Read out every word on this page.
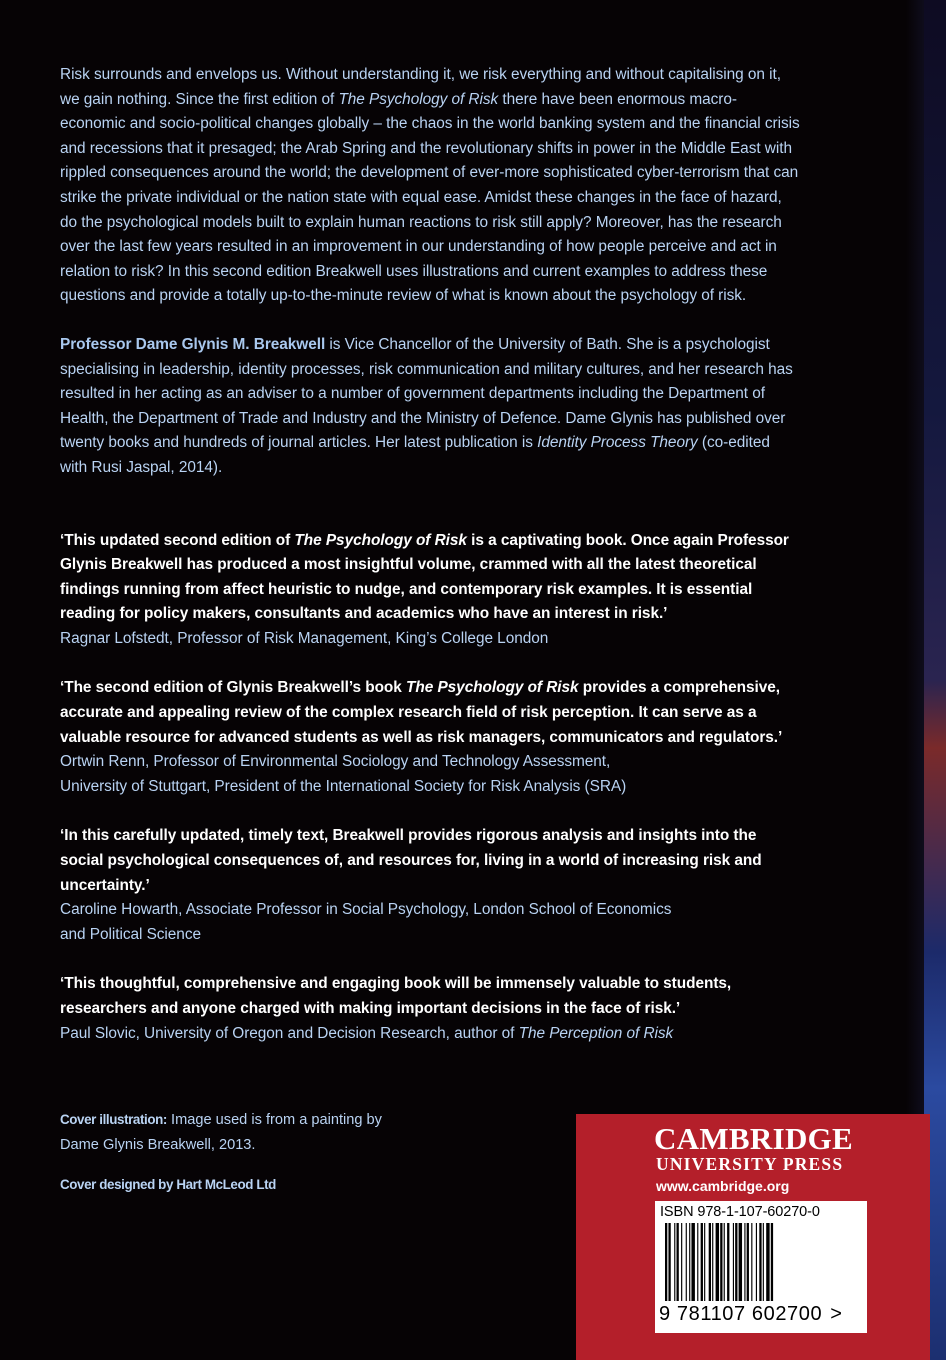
Risk surrounds and envelops us. Without understanding it, we risk everything and without capitalising on it, we gain nothing. Since the first edition of The Psychology of Risk there have been enormous macro-economic and socio-political changes globally – the chaos in the world banking system and the financial crisis and recessions that it presaged; the Arab Spring and the revolutionary shifts in power in the Middle East with rippled consequences around the world; the development of ever-more sophisticated cyber-terrorism that can strike the private individual or the nation state with equal ease. Amidst these changes in the face of hazard, do the psychological models built to explain human reactions to risk still apply? Moreover, has the research over the last few years resulted in an improvement in our understanding of how people perceive and act in relation to risk? In this second edition Breakwell uses illustrations and current examples to address these questions and provide a totally up-to-the-minute review of what is known about the psychology of risk.

Professor Dame Glynis M. Breakwell is Vice Chancellor of the University of Bath. She is a psychologist specialising in leadership, identity processes, risk communication and military cultures, and her research has resulted in her acting as an adviser to a number of government departments including the Department of Health, the Department of Trade and Industry and the Ministry of Defence. Dame Glynis has published over twenty books and hundreds of journal articles. Her latest publication is Identity Process Theory (co-edited with Rusi Jaspal, 2014).

‘This updated second edition of The Psychology of Risk is a captivating book. Once again Professor Glynis Breakwell has produced a most insightful volume, crammed with all the latest theoretical findings running from affect heuristic to nudge, and contemporary risk examples. It is essential reading for policy makers, consultants and academics who have an interest in risk.’

Ragnar Lofstedt, Professor of Risk Management, King’s College London

‘The second edition of Glynis Breakwell’s book The Psychology of Risk provides a comprehensive, accurate and appealing review of the complex research field of risk perception. It can serve as a valuable resource for advanced students as well as risk managers, communicators and regulators.’

Ortwin Renn, Professor of Environmental Sociology and Technology Assessment,

University of Stuttgart, President of the International Society for Risk Analysis (SRA)

‘In this carefully updated, timely text, Breakwell provides rigorous analysis and insights into the social psychological consequences of, and resources for, living in a world of increasing risk and uncertainty.’

Caroline Howarth, Associate Professor in Social Psychology, London School of Economics

and Political Science

‘This thoughtful, comprehensive and engaging book will be immensely valuable to students, researchers and anyone charged with making important decisions in the face of risk.’

Paul Slovic, University of Oregon and Decision Research, author of The Perception of Risk

Cover illustration: Image used is from a painting by

Dame Glynis Breakwell, 2013.

Cover designed by Hart McLeod Ltd

CAMBRIDGE
UNIVERSITY PRESS
www.cambridge.org
ISBN 978-1-107-60270-0
9 781107 602700 >
